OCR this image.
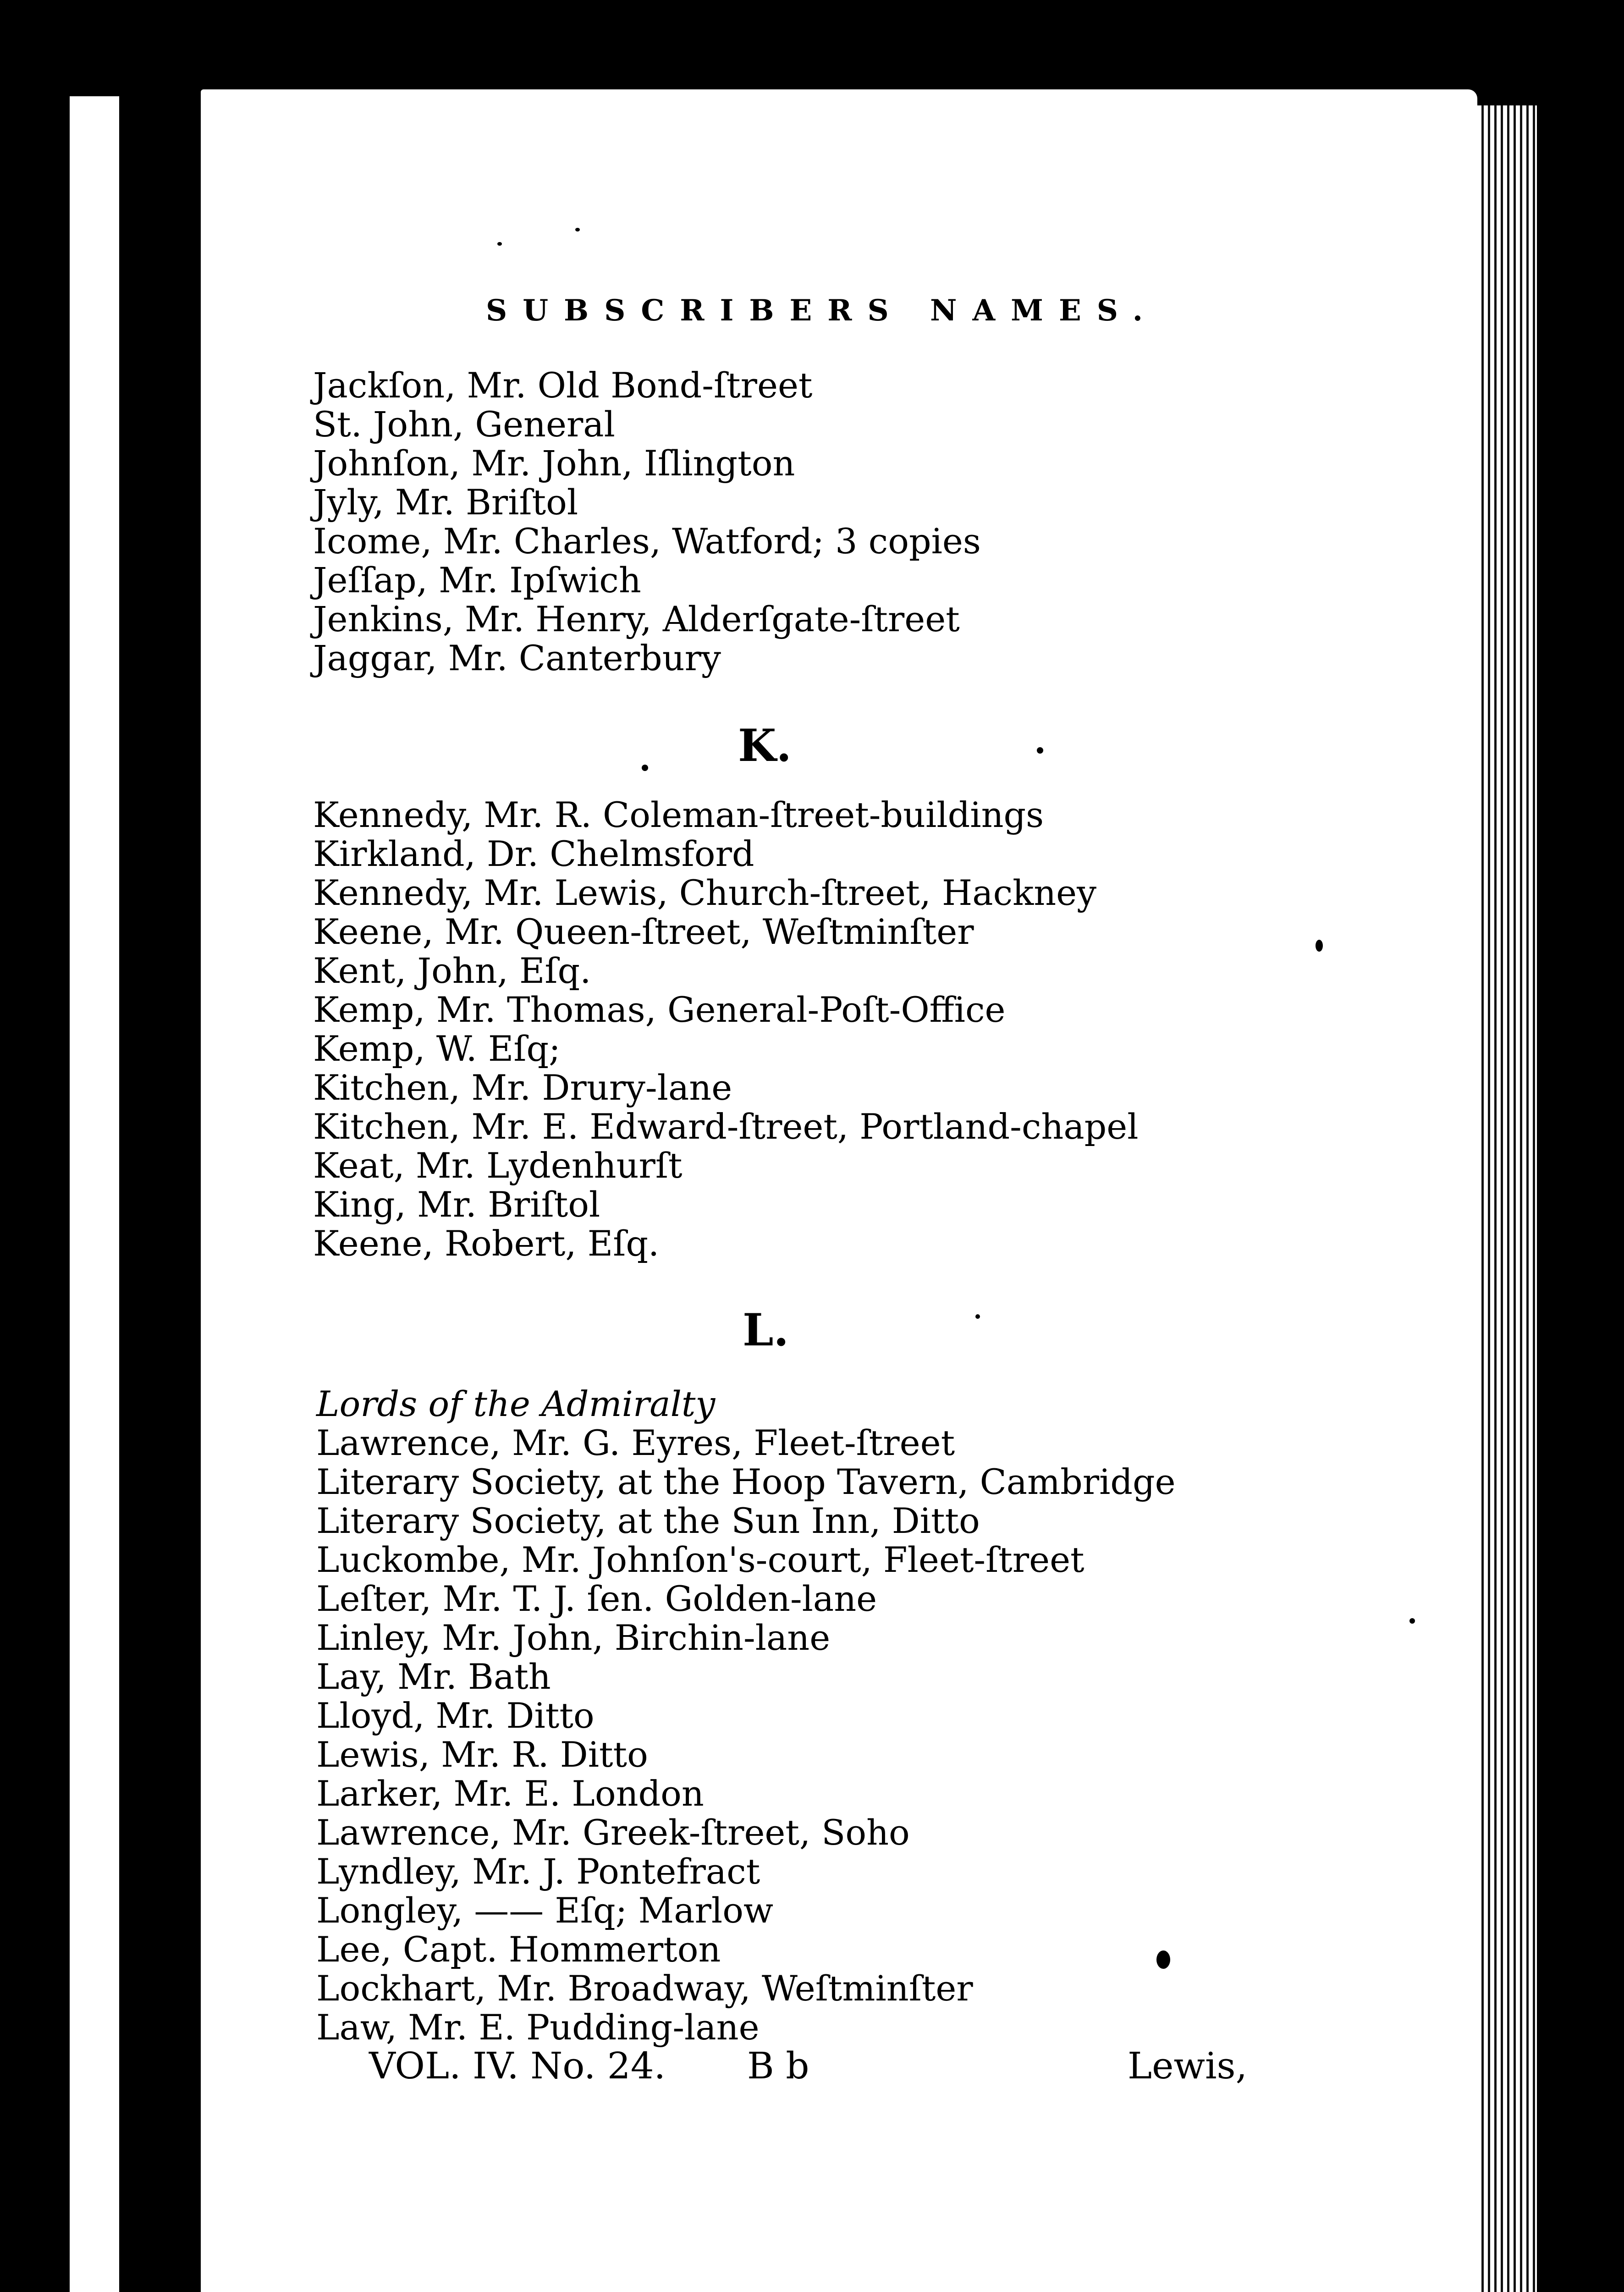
SUBSCRIBERS NAMES.
Jackſon, Mr. Old Bond-ſtreet
St. John, General
Johnſon, Mr. John, Iſlington
Jyly, Mr. Briſtol
Icome, Mr. Charles, Watford; 3 copies
Jeſſap, Mr. Ipſwich
Jenkins, Mr. Henry, Alderſgate-ſtreet
Jaggar, Mr. Canterbury
K.
Kennedy, Mr. R. Coleman-ſtreet-buildings
Kirkland, Dr. Chelmsford
Kennedy, Mr. Lewis, Church-ſtreet, Hackney
Keene, Mr. Queen-ſtreet, Weſtminſter
Kent, John, Eſq.
Kemp, Mr. Thomas, General-Poſt-Office
Kemp, W. Eſq;
Kitchen, Mr. Drury-lane
Kitchen, Mr. E. Edward-ſtreet, Portland-chapel
Keat, Mr. Lydenhurſt
King, Mr. Briſtol
Keene, Robert, Eſq.
L.
Lords of the Admiralty
Lawrence, Mr. G. Eyres, Fleet-ſtreet
Literary Society, at the Hoop Tavern, Cambridge
Literary Society, at the Sun Inn, Ditto
Luckombe, Mr. Johnſon's-court, Fleet-ſtreet
Leſter, Mr. T. J. ſen. Golden-lane
Linley, Mr. John, Birchin-lane
Lay, Mr. Bath
Lloyd, Mr. Ditto
Lewis, Mr. R. Ditto
Larker, Mr. E. London
Lawrence, Mr. Greek-ſtreet, Soho
Lyndley, Mr. J. Pontefract
Longley, —— Eſq; Marlow
Lee, Capt. Hommerton
Lockhart, Mr. Broadway, Weſtminſter
Law, Mr. E. Pudding-lane
VOL. IV. No. 24. B b	Lewis,
